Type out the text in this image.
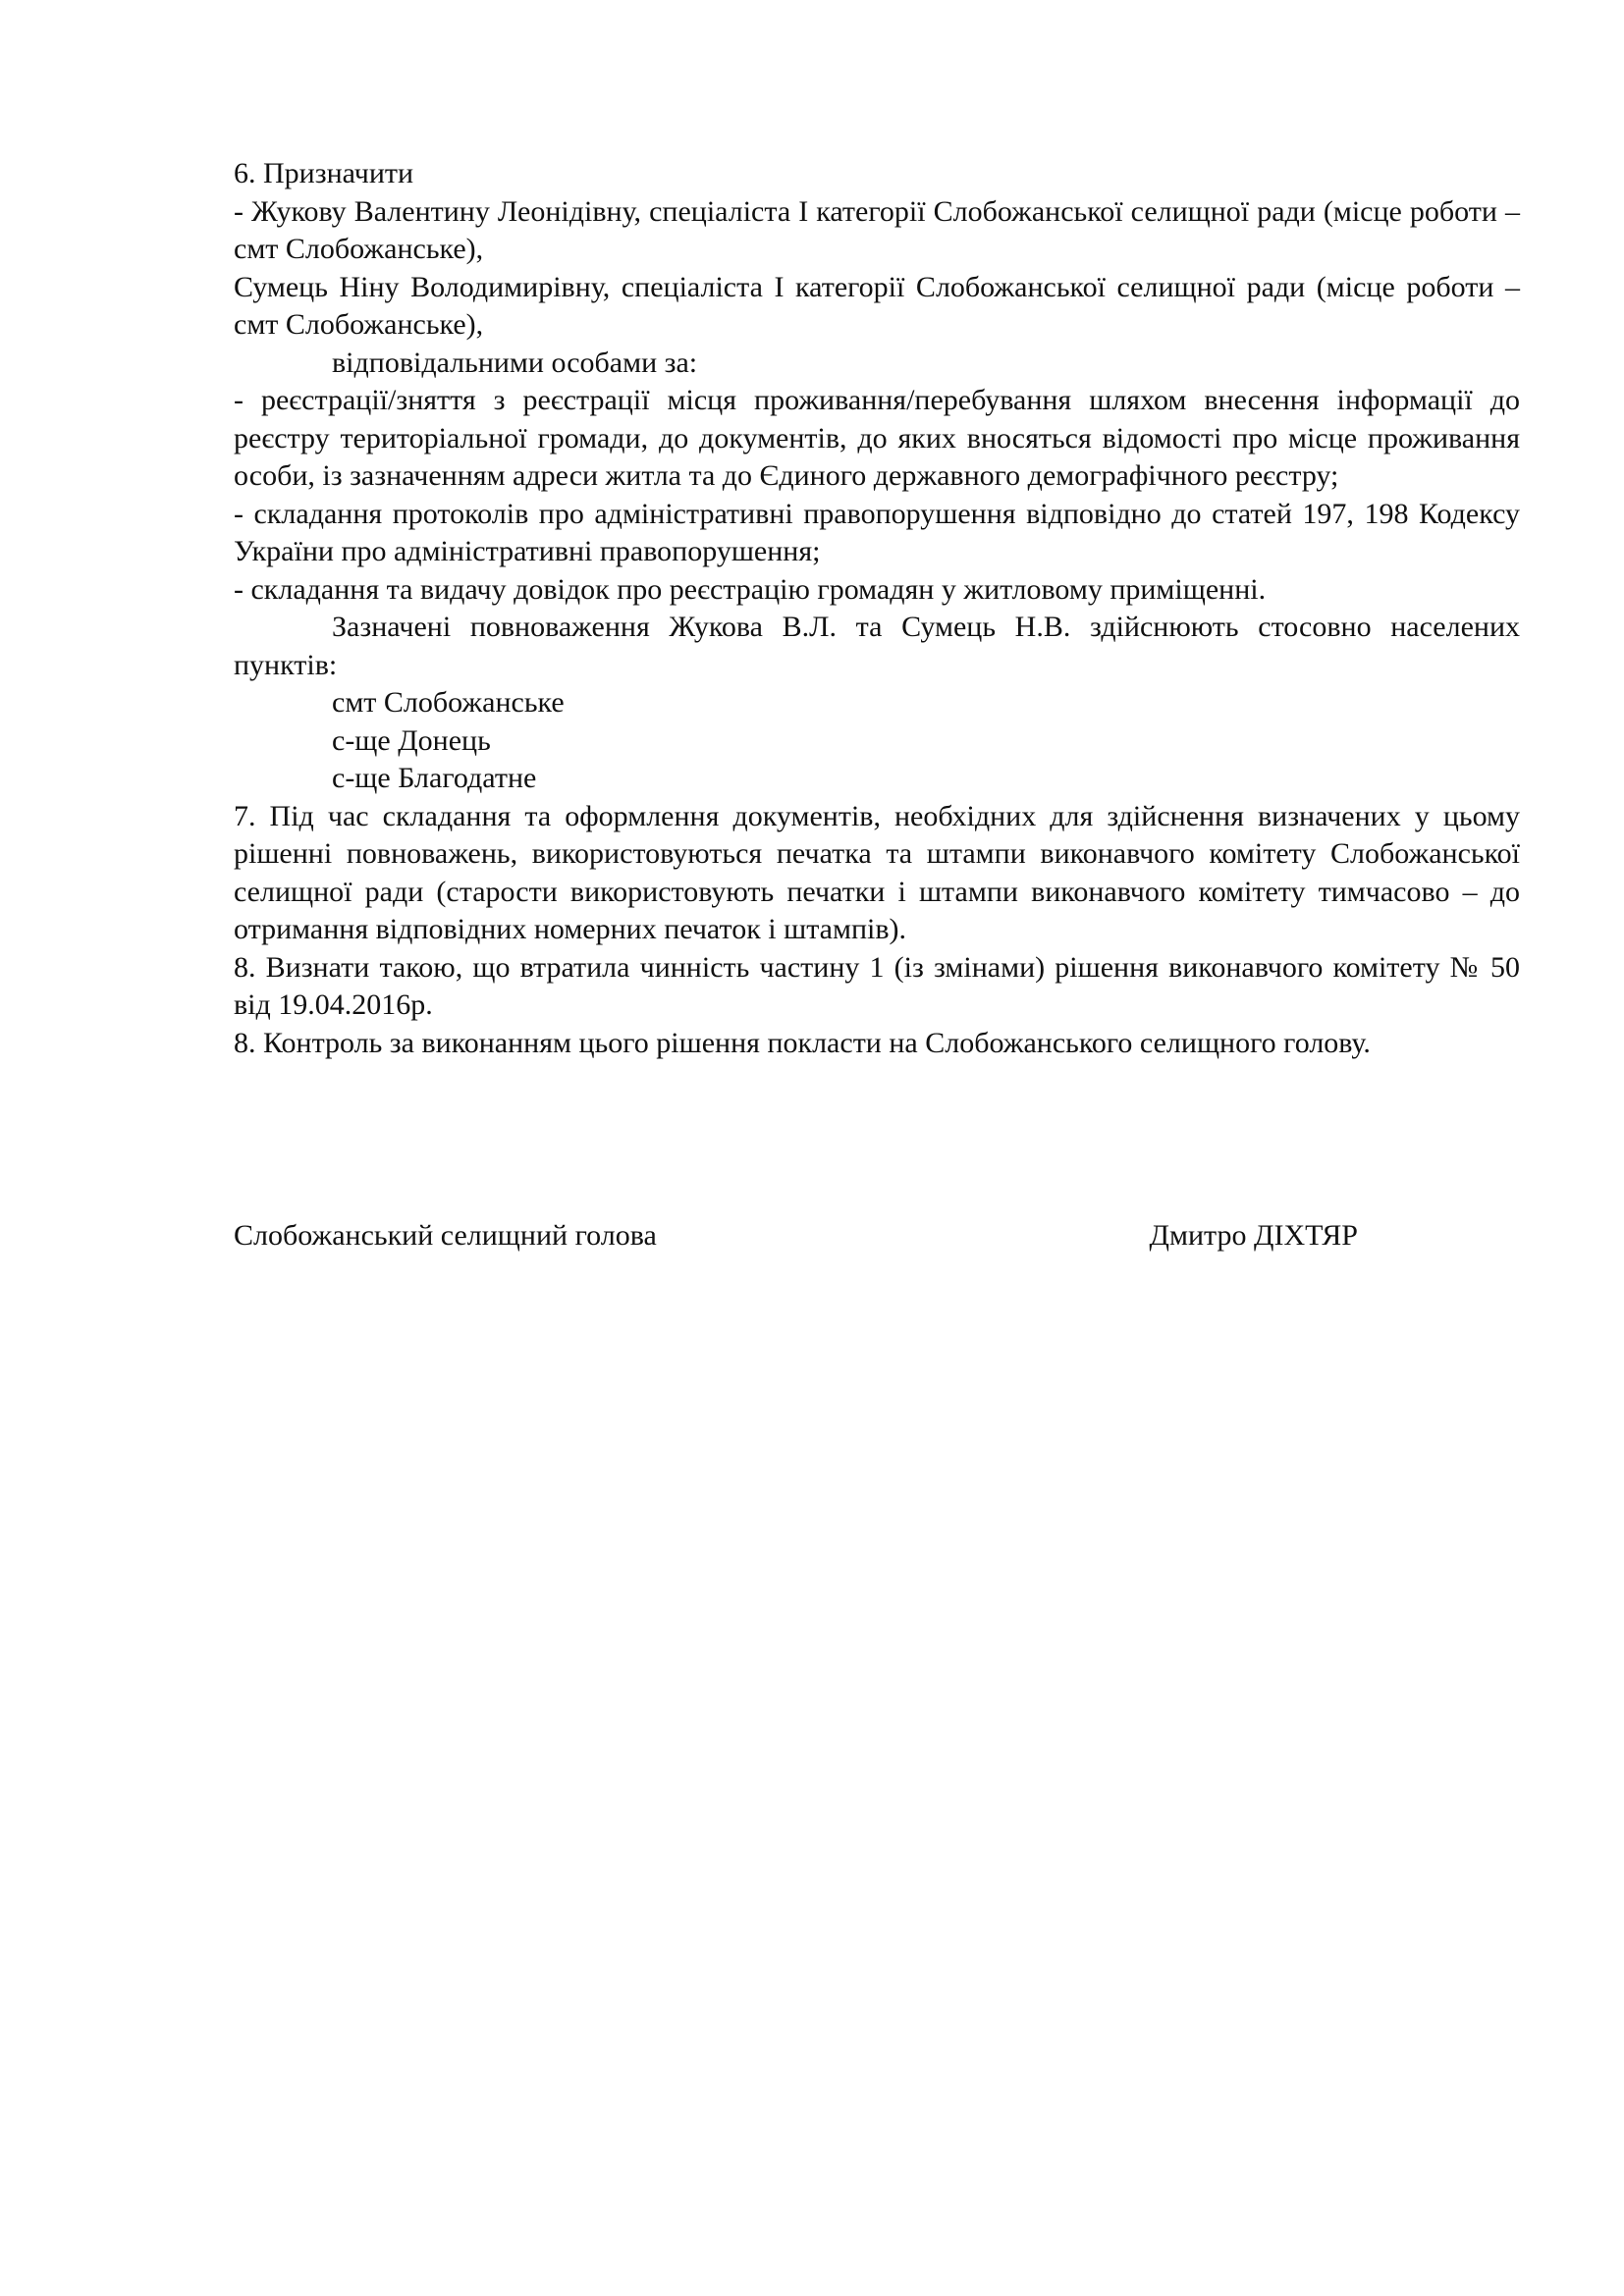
6. Призначити

- Жукову Валентину Леонідівну, спеціаліста І категорії Слобожанської селищної ради (місце роботи – смт Слобожанське),

Сумець Ніну Володимирівну, спеціаліста І категорії Слобожанської селищної ради (місце роботи – смт Слобожанське),

відповідальними особами за:

- реєстрації/зняття з реєстрації місця проживання/перебування шляхом внесення інформації до реєстру територіальної громади, до документів, до яких вносяться відомості про місце проживання особи, із зазначенням адреси житла та до Єдиного державного демографічного реєстру;

- складання протоколів про адміністративні правопорушення відповідно до статей 197, 198 Кодексу України про адміністративні правопорушення;

- складання та видачу довідок про реєстрацію громадян у житловому приміщенні.

Зазначені повноваження Жукова В.Л. та Сумець Н.В. здійснюють стосовно населених пунктів:

смт Слобожанське

с-ще Донець

с-ще Благодатне

7. Під час складання та оформлення документів, необхідних для здійснення визначених у цьому рішенні повноважень, використовуються печатка та штампи виконавчого комітету Слобожанської селищної ради (старости використовують печатки і штампи виконавчого комітету тимчасово – до отримання відповідних номерних печаток і штампів).

8. Визнати такою, що втратила чинність частину 1 (із змінами) рішення виконавчого комітету № 50 від 19.04.2016р.

8. Контроль за виконанням цього рішення покласти на Слобожанського селищного голову.

Слобожанський селищний голова	Дмитро ДІХТЯР
